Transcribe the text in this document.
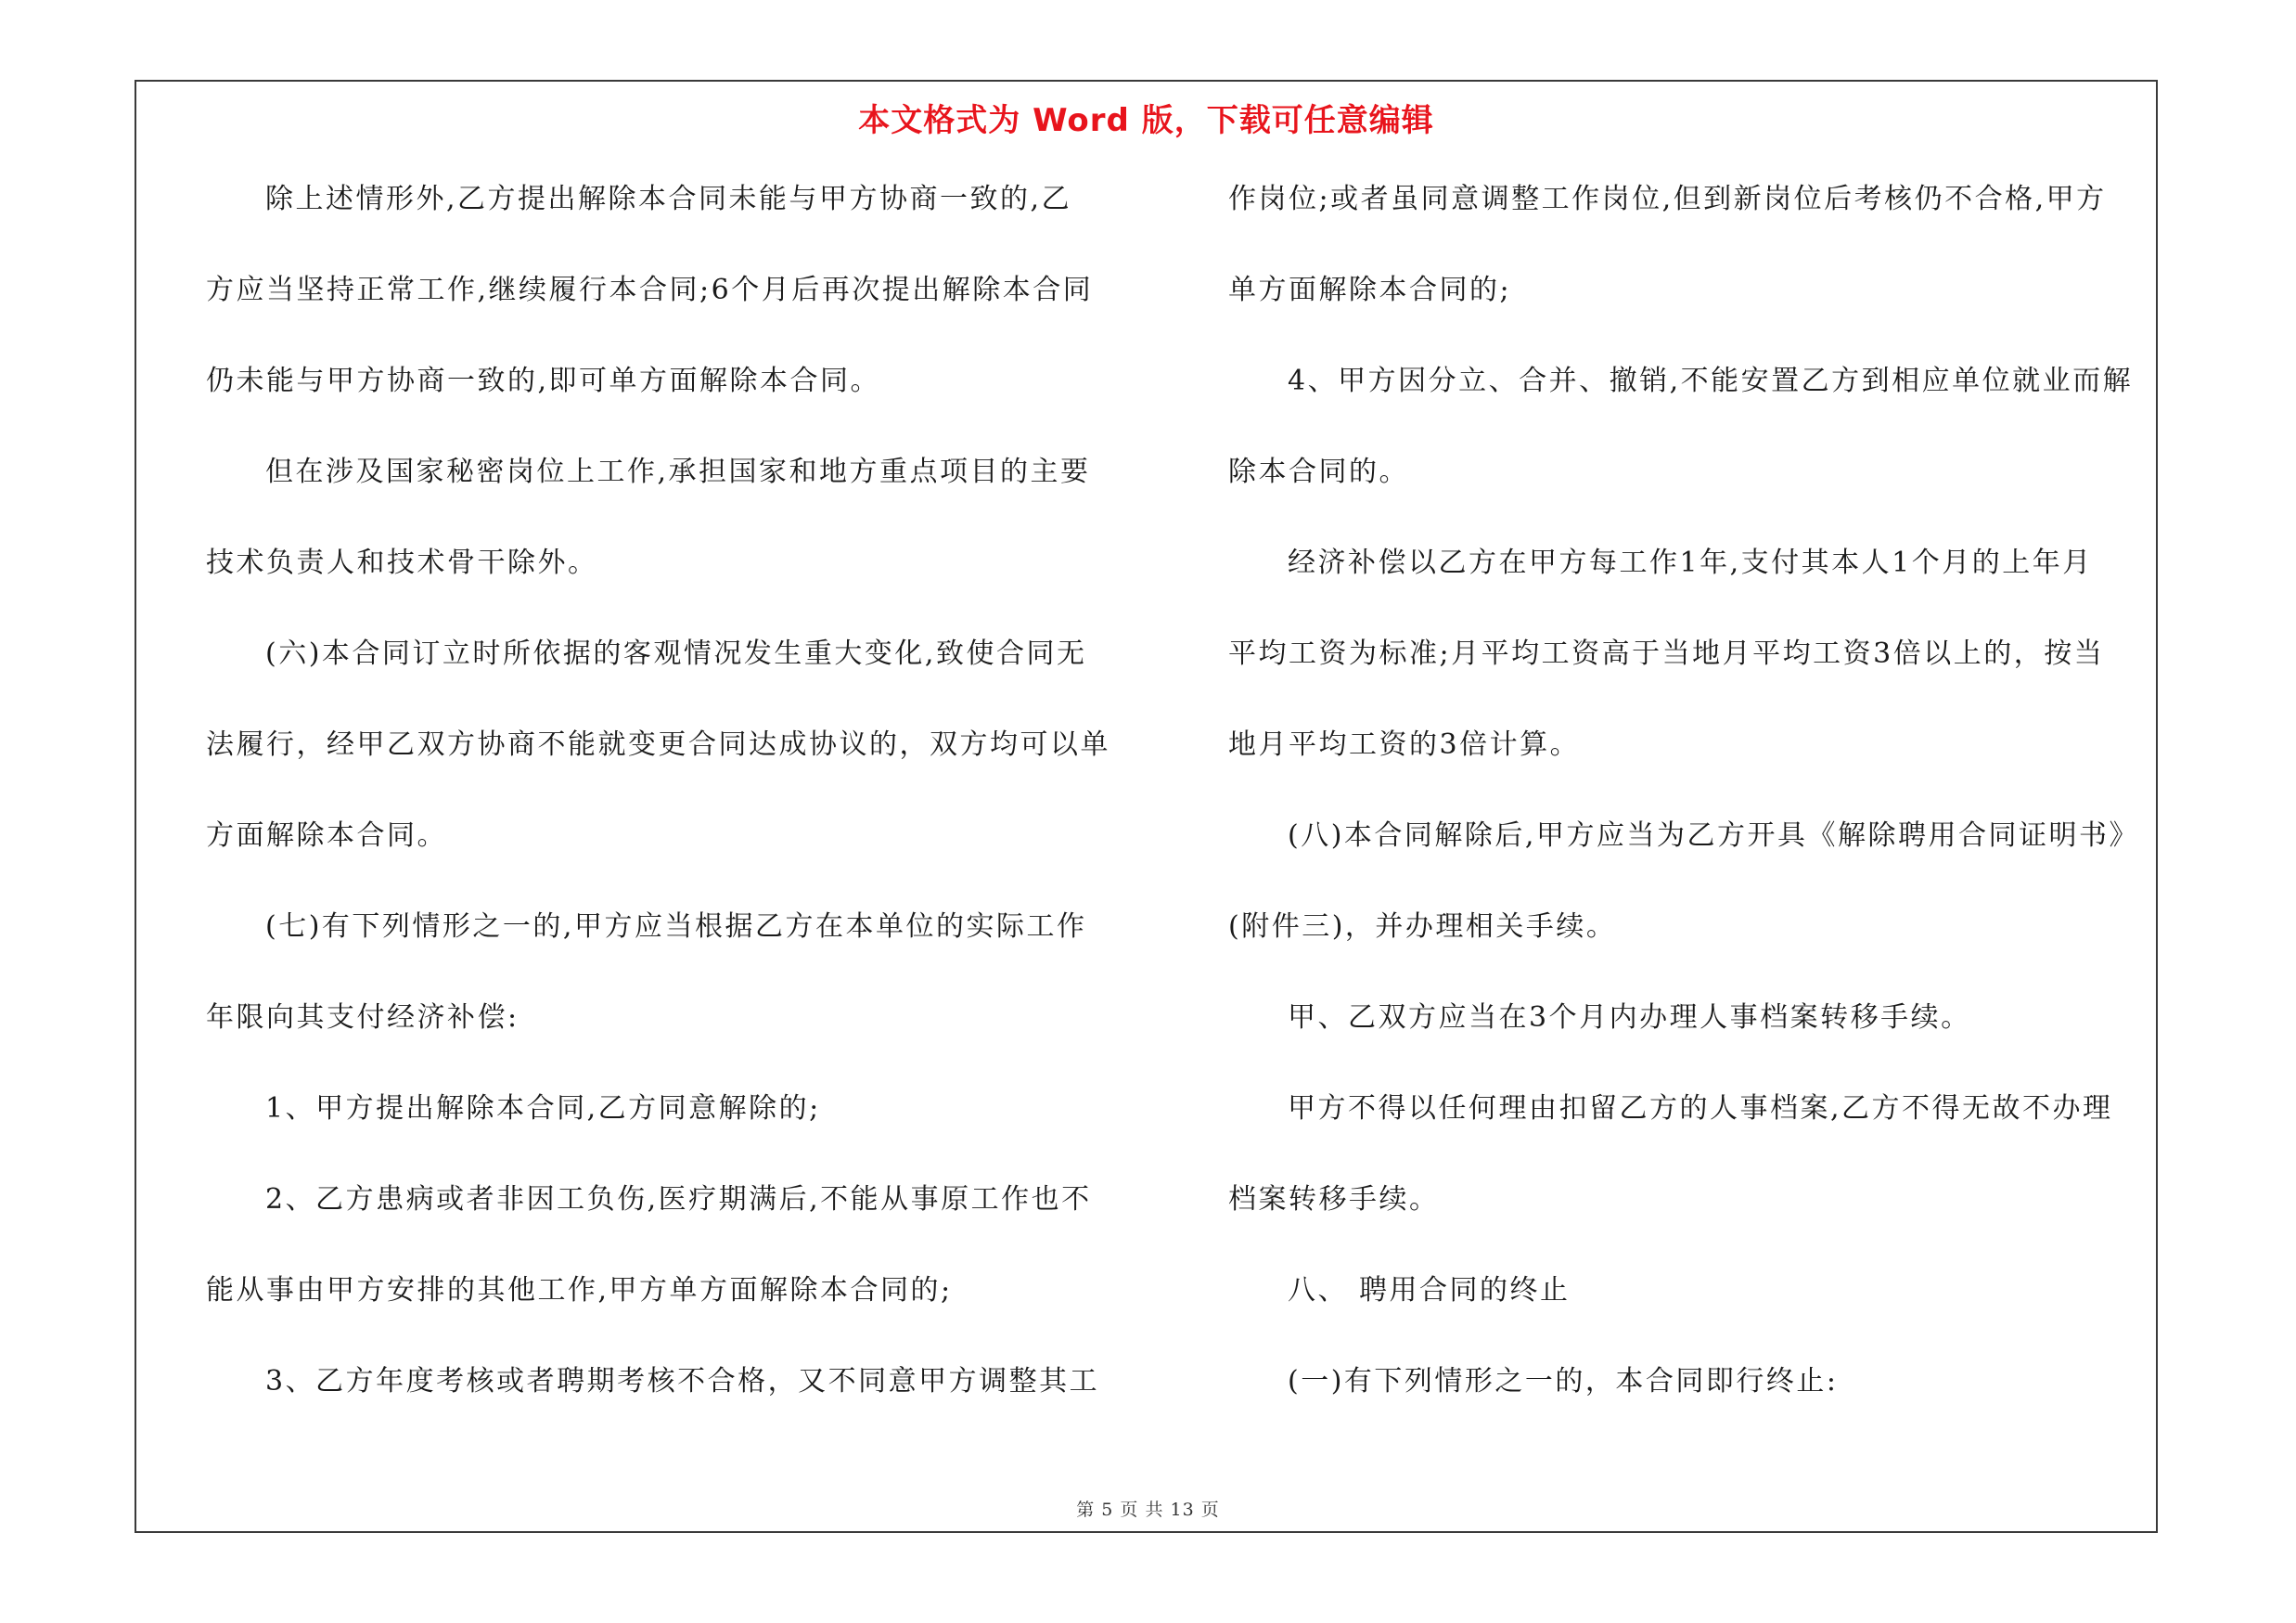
本文格式为 Word 版，下载可任意编辑
除上述情形外,乙方提出解除本合同未能与甲方协商一致的,乙
方应当坚持正常工作,继续履行本合同;6个月后再次提出解除本合同
仍未能与甲方协商一致的,即可单方面解除本合同。
但在涉及国家秘密岗位上工作,承担国家和地方重点项目的主要
技术负责人和技术骨干除外。
(六)本合同订立时所依据的客观情况发生重大变化,致使合同无
法履行，经甲乙双方协商不能就变更合同达成协议的，双方均可以单
方面解除本合同。
(七)有下列情形之一的,甲方应当根据乙方在本单位的实际工作
年限向其支付经济补偿:
1、甲方提出解除本合同,乙方同意解除的;
2、乙方患病或者非因工负伤,医疗期满后,不能从事原工作也不
能从事由甲方安排的其他工作,甲方单方面解除本合同的;
3、乙方年度考核或者聘期考核不合格，又不同意甲方调整其工
作岗位;或者虽同意调整工作岗位,但到新岗位后考核仍不合格,甲方
单方面解除本合同的;
4、甲方因分立、合并、撤销,不能安置乙方到相应单位就业而解
除本合同的。
经济补偿以乙方在甲方每工作1年,支付其本人1个月的上年月
平均工资为标准;月平均工资高于当地月平均工资3倍以上的，按当
地月平均工资的3倍计算。
(八)本合同解除后,甲方应当为乙方开具《解除聘用合同证明书》
(附件三)，并办理相关手续。
甲、乙双方应当在3个月内办理人事档案转移手续。
甲方不得以任何理由扣留乙方的人事档案,乙方不得无故不办理
档案转移手续。
八、 聘用合同的终止
(一)有下列情形之一的，本合同即行终止:
第 5 页 共 13 页
